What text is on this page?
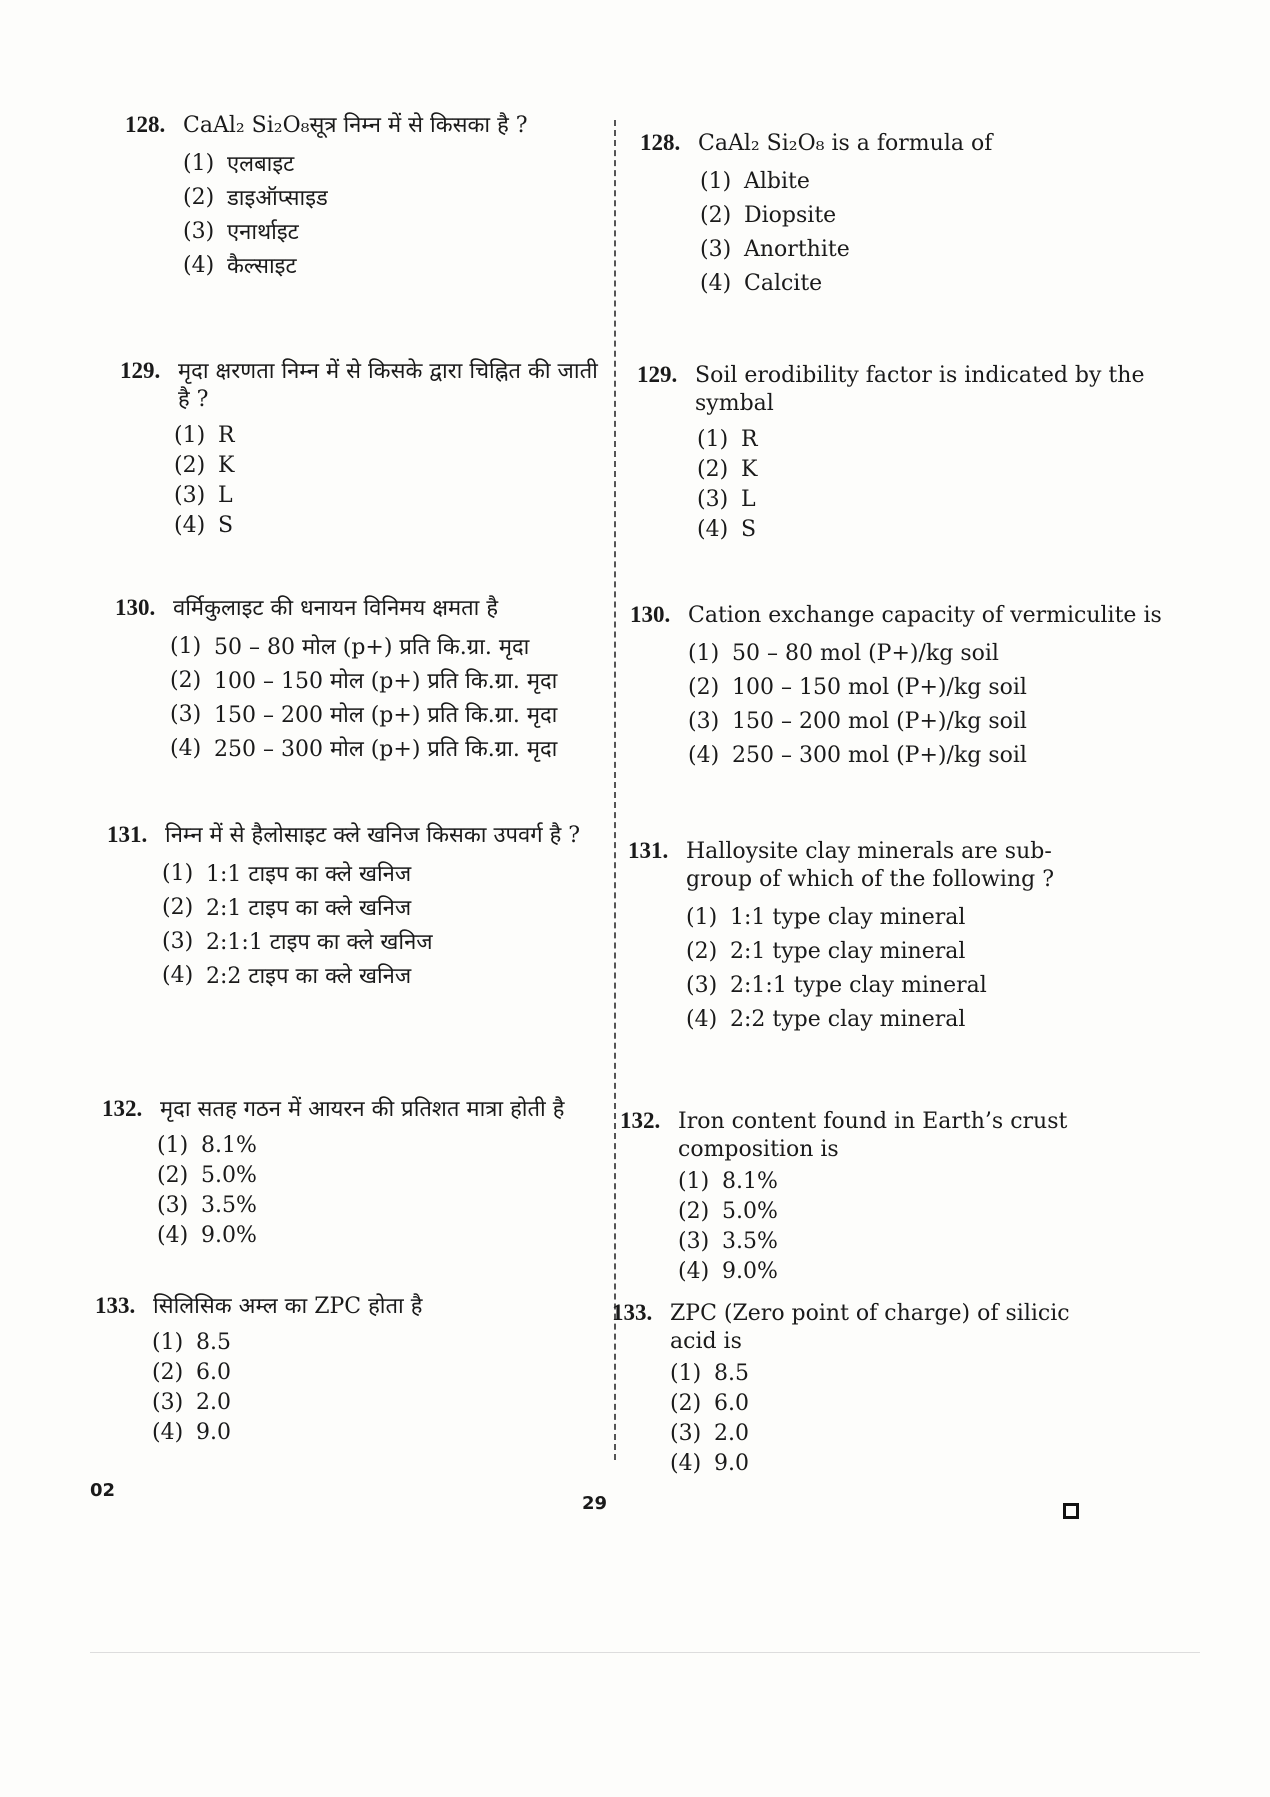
128. CaAl₂ Si₂O₈सूत्र निम्न में से किसका है ?
(1) एलबाइट
(2) डाइऑप्साइड
(3) एनार्थाइट
(4) कैल्साइट
129. मृदा क्षरणता निम्न में से किसके द्वारा चिह्नित की जाती है ?
(1) R
(2) K
(3) L
(4) S
130. वर्मिकुलाइट की धनायन विनिमय क्षमता है
(1) 50 – 80 मोल (p+) प्रति कि.ग्रा. मृदा
(2) 100 – 150 मोल (p+) प्रति कि.ग्रा. मृदा
(3) 150 – 200 मोल (p+) प्रति कि.ग्रा. मृदा
(4) 250 – 300 मोल (p+) प्रति कि.ग्रा. मृदा
131. निम्न में से हैलोसाइट क्ले खनिज किसका उपवर्ग है ?
(1) 1:1 टाइप का क्ले खनिज
(2) 2:1 टाइप का क्ले खनिज
(3) 2:1:1 टाइप का क्ले खनिज
(4) 2:2 टाइप का क्ले खनिज
132. मृदा सतह गठन में आयरन की प्रतिशत मात्रा होती है
(1) 8.1%
(2) 5.0%
(3) 3.5%
(4) 9.0%
133. सिलिसिक अम्ल का ZPC होता है
(1) 8.5
(2) 6.0
(3) 2.0
(4) 9.0
128. CaAl₂ Si₂O₈ is a formula of
(1) Albite
(2) Diopsite
(3) Anorthite
(4) Calcite
129. Soil erodibility factor is indicated by the symbal
(1) R
(2) K
(3) L
(4) S
130. Cation exchange capacity of vermiculite is
(1) 50 – 80 mol (P+)/kg soil
(2) 100 – 150 mol (P+)/kg soil
(3) 150 – 200 mol (P+)/kg soil
(4) 250 – 300 mol (P+)/kg soil
131. Halloysite clay minerals are sub-group of which of the following ?
(1) 1:1 type clay mineral
(2) 2:1 type clay mineral
(3) 2:1:1 type clay mineral
(4) 2:2 type clay mineral
132. Iron content found in Earth’s crust composition is
(1) 8.1%
(2) 5.0%
(3) 3.5%
(4) 9.0%
133. ZPC (Zero point of charge) of silicic acid is
(1) 8.5
(2) 6.0
(3) 2.0
(4) 9.0
02
29
